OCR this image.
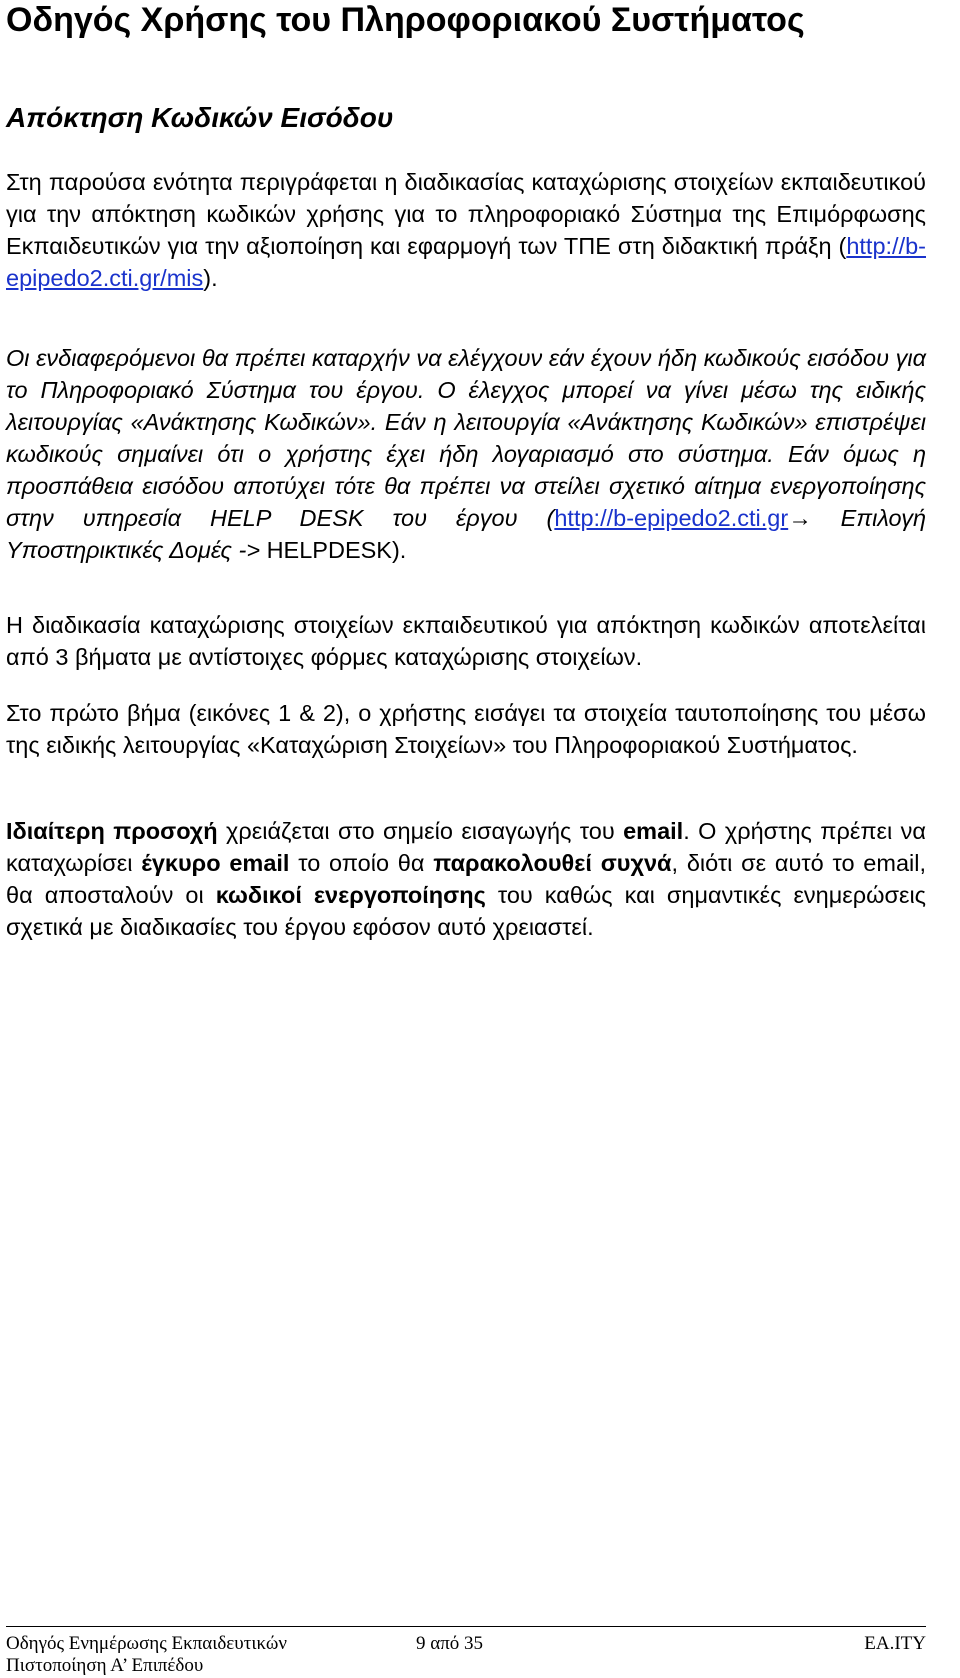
Οδηγός Χρήσης του Πληροφοριακού Συστήματος
Απόκτηση Κωδικών Εισόδου

Στη παρούσα ενότητα περιγράφεται η διαδικασίας καταχώρισης στοιχείων εκπαιδευτικού για την απόκτηση κωδικών χρήσης για το πληροφοριακό Σύστημα της Επιμόρφωσης Εκπαιδευτικών για την αξιοποίηση και εφαρμογή των ΤΠΕ στη διδακτική πράξη (http://b-epipedo2.cti.gr/mis).

Οι ενδιαφερόμενοι θα πρέπει καταρχήν να ελέγχουν εάν έχουν ήδη κωδικούς εισόδου για το Πληροφοριακό Σύστημα του έργου. Ο έλεγχος μπορεί να γίνει μέσω της ειδικής λειτουργίας «Ανάκτησης Κωδικών». Εάν η λειτουργία «Ανάκτησης Κωδικών» επιστρέψει κωδικούς σημαίνει ότι ο χρήστης έχει ήδη λογαριασμό στο σύστημα. Εάν όμως η προσπάθεια εισόδου αποτύχει τότε θα πρέπει να στείλει σχετικό αίτημα ενεργοποίησης στην υπηρεσία HELP DESK του έργου (http://b-epipedo2.cti.gr→ Επιλογή Υποστηρικτικές Δομές -> HELPDESK).

Η διαδικασία καταχώρισης στοιχείων εκπαιδευτικού για απόκτηση κωδικών αποτελείται από 3 βήματα με αντίστοιχες φόρμες καταχώρισης στοιχείων.

Στο πρώτο βήμα (εικόνες 1 & 2), ο χρήστης εισάγει τα στοιχεία ταυτοποίησης του μέσω της ειδικής λειτουργίας «Καταχώριση Στοιχείων» του Πληροφοριακού Συστήματος.

Ιδιαίτερη προσοχή χρειάζεται στο σημείο εισαγωγής του email. Ο χρήστης πρέπει να καταχωρίσει έγκυρο email το οποίο θα παρακολουθεί συχνά, διότι σε αυτό το email, θα αποσταλούν οι κωδικοί ενεργοποίησης του καθώς και σημαντικές ενημερώσεις σχετικά με διαδικασίες του έργου εφόσον αυτό χρειαστεί.

Οδηγός Ενημέρωσης Εκπαιδευτικών	9 από 35	ΕΑ.ΙΤΥ
Πιστοποίηση Α’ Επιπέδου
